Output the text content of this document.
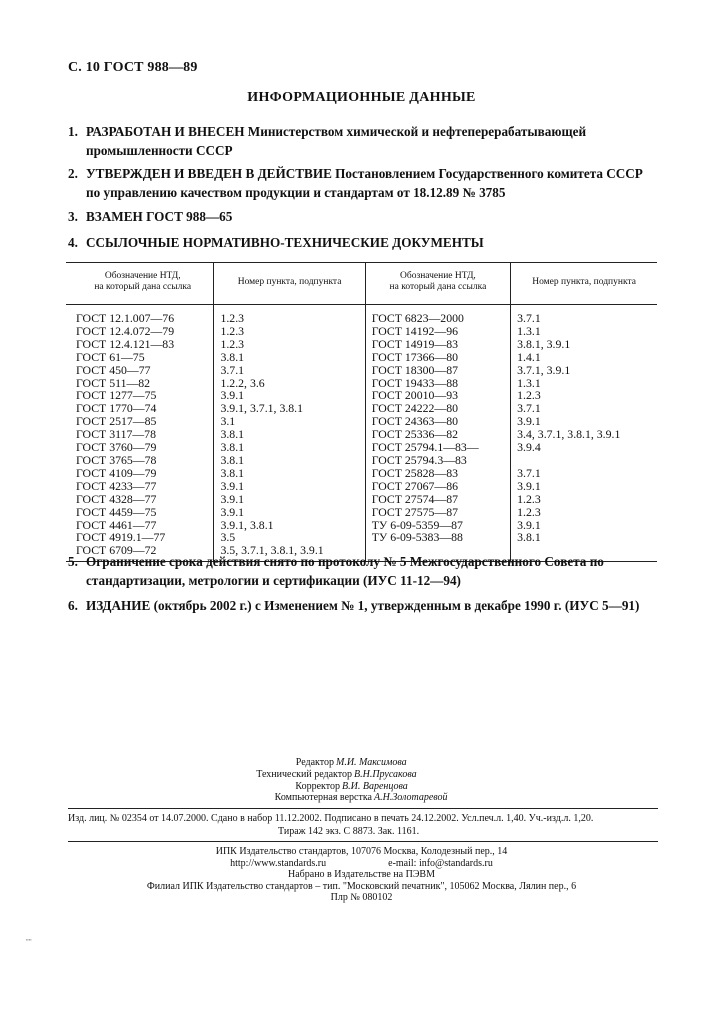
С. 10 ГОСТ 988—89
ИНФОРМАЦИОННЫЕ ДАННЫЕ
1. РАЗРАБОТАН И ВНЕСЕН Министерством химической и нефтеперерабатывающей промышленности СССР
2. УТВЕРЖДЕН И ВВЕДЕН В ДЕЙСТВИЕ Постановлением Государственного комитета СССР по управлению качеством продукции и стандартам от 18.12.89 № 3785
3. ВЗАМЕН ГОСТ 988—65
4. ССЫЛОЧНЫЕ НОРМАТИВНО-ТЕХНИЧЕСКИЕ ДОКУМЕНТЫ
Обозначение НТД,
на который дана ссылка	Номер пункта, подпункта	Обозначение НТД,
на который дана ссылка	Номер пункта, подпункта
ГОСТ 12.1.007—76	1.2.3	ГОСТ 6823—2000	3.7.1
ГОСТ 12.4.072—79	1.2.3	ГОСТ 14192—96	1.3.1
ГОСТ 12.4.121—83	1.2.3	ГОСТ 14919—83	3.8.1, 3.9.1
ГОСТ 61—75	3.8.1	ГОСТ 17366—80	1.4.1
ГОСТ 450—77	3.7.1	ГОСТ 18300—87	3.7.1, 3.9.1
ГОСТ 511—82	1.2.2, 3.6	ГОСТ 19433—88	1.3.1
ГОСТ 1277—75	3.9.1	ГОСТ 20010—93	1.2.3
ГОСТ 1770—74	3.9.1, 3.7.1, 3.8.1	ГОСТ 24222—80	3.7.1
ГОСТ 2517—85	3.1	ГОСТ 24363—80	3.9.1
ГОСТ 3117—78	3.8.1	ГОСТ 25336—82	3.4, 3.7.1, 3.8.1, 3.9.1
ГОСТ 3760—79	3.8.1	ГОСТ 25794.1—83—	3.9.4
ГОСТ 3765—78	3.8.1	ГОСТ 25794.3—83	
ГОСТ 4109—79	3.8.1	ГОСТ 25828—83	3.7.1
ГОСТ 4233—77	3.9.1	ГОСТ 27067—86	3.9.1
ГОСТ 4328—77	3.9.1	ГОСТ 27574—87	1.2.3
ГОСТ 4459—75	3.9.1	ГОСТ 27575—87	1.2.3
ГОСТ 4461—77	3.9.1, 3.8.1	ТУ 6-09-5359—87	3.9.1
ГОСТ 4919.1—77	3.5	ТУ 6-09-5383—88	3.8.1
ГОСТ 6709—72	3.5, 3.7.1, 3.8.1, 3.9.1		
5. Ограничение срока действия снято по протоколу № 5 Межгосударственного Совета по стандартизации, метрологии и сертификации (ИУС 11-12—94)
6. ИЗДАНИЕ (октябрь 2002 г.) с Изменением № 1, утвержденным в декабре 1990 г. (ИУС 5—91)
Редактор М.И. Максимова
Технический редактор В.Н.Прусакова
Корректор В.И. Варенцова
Компьютерная верстка А.Н.Золотаревой
Изд. лиц. № 02354 от 14.07.2000. Сдано в набор 11.12.2002. Подписано в печать 24.12.2002. Усл.печ.л. 1,40. Уч.-изд.л. 1,20.
Тираж 142 экз. С 8873. Зак. 1161.
ИПК Издательство стандартов, 107076 Москва, Колодезный пер., 14
http://www.standards.ru	e-mail: info@standards.ru
Набрано в Издательстве на ПЭВМ
Филиал ИПК Издательство стандартов – тип. "Московский печатник", 105062 Москва, Лялин пер., 6
Плр № 080102
▪▪▪▪
